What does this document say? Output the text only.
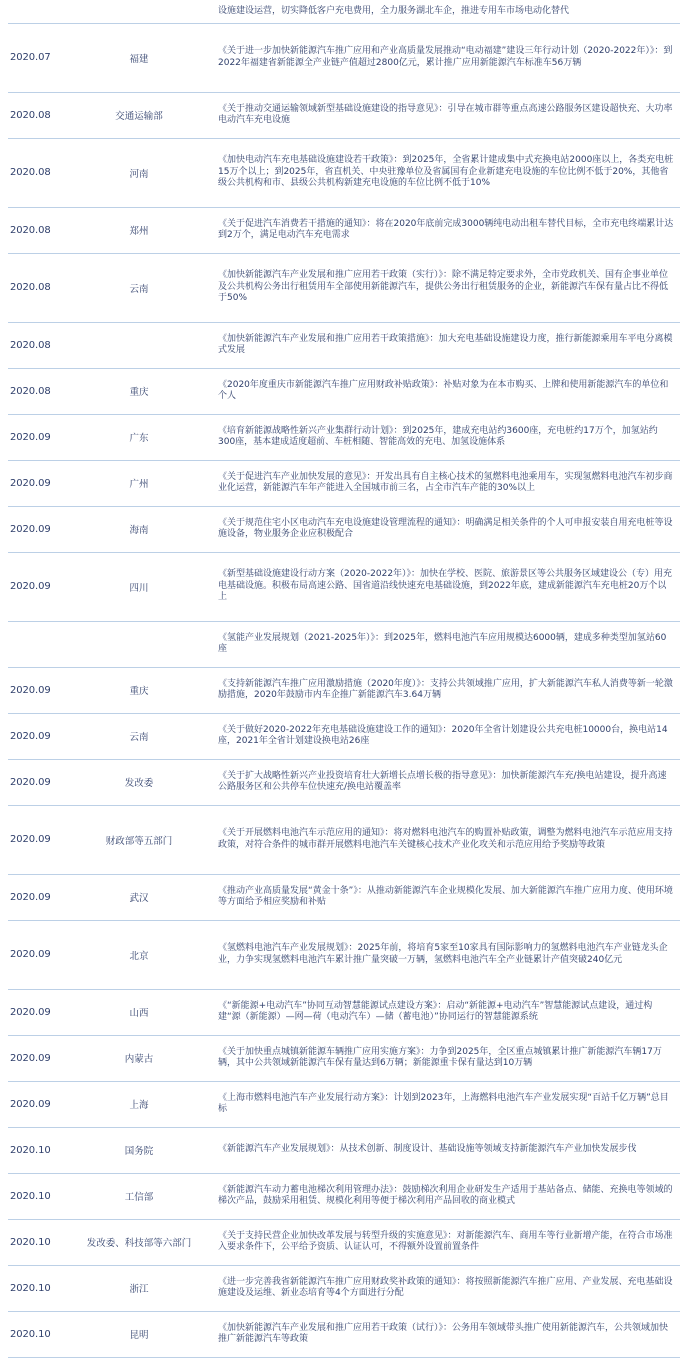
		设施建设运营，切实降低客户充电费用，全力服务湖北车企，推进专用车市场电动化替代
2020.07	福建	《关于进一步加快新能源汽车推广应用和产业高质量发展推动“电动福建”建设三年行动计划（2020-2022年）》：到2022年福建省新能源全产业链产值超过2800亿元，累计推广应用新能源汽车标准车56万辆
2020.08	交通运输部	《关于推动交通运输领域新型基础设施建设的指导意见》：引导在城市群等重点高速公路服务区建设超快充、大功率电动汽车充电设施
2020.08	河南	《加快电动汽车充电基础设施建设若干政策》：到2025年，全省累计建成集中式充换电站2000座以上，各类充电桩15万个以上；到2025年，省直机关、中央驻豫单位及省属国有企业新建充电设施的车位比例不低于20%，其他省级公共机构和市、县级公共机构新建充电设施的车位比例不低于10%
2020.08	郑州	《关于促进汽车消费若干措施的通知》：将在2020年底前完成3000辆纯电动出租车替代目标，全市充电终端累计达到2万个，满足电动汽车充电需求
2020.08	云南	《加快新能源汽车产业发展和推广应用若干政策（实行）》：除不满足特定要求外，全市党政机关、国有企事业单位及公共机构公务出行租赁用车全部使用新能源汽车，提供公务出行租赁服务的企业，新能源汽车保有量占比不得低于50%
2020.08		《加快新能源汽车产业发展和推广应用若干政策措施》：加大充电基础设施建设力度，推行新能源乘用车平电分离模式发展
2020.08	重庆	《2020年度重庆市新能源汽车推广应用财政补贴政策》：补贴对象为在本市购买、上牌和使用新能源汽车的单位和个人
2020.09	广东	《培育新能源战略性新兴产业集群行动计划》：到2025年，建成充电站约3600座，充电桩约17万个，加氢站约300座，基本建成适度超前、车桩相随、智能高效的充电、加氢设施体系
2020.09	广州	《关于促进汽车产业加快发展的意见》：开发出具有自主核心技术的氢燃料电池乘用车，实现氢燃料电池汽车初步商业化运营，新能源汽车年产能进入全国城市前三名，占全市汽车产能的30%以上
2020.09	海南	《关于规范住宅小区电动汽车充电设施建设管理流程的通知》：明确满足相关条件的个人可申报安装自用充电桩等设施设备，物业服务企业应积极配合
2020.09	四川	《新型基础设施建设行动方案（2020-2022年）》：加快在学校、医院、旅游景区等公共服务区域建设公（专）用充电基础设施。积极布局高速公路、国省道沿线快速充电基础设施，到2022年底，建成新能源汽车充电桩20万个以上
		《氢能产业发展规划（2021-2025年）》：到2025年，燃料电池汽车应用规模达6000辆，建成多种类型加氢站60座
2020.09	重庆	《支持新能源汽车推广应用激励措施（2020年度）》：支持公共领域推广应用，扩大新能源汽车私人消费等新一轮激励措施，2020年鼓励市内车企推广新能源汽车3.64万辆
2020.09	云南	《关于做好2020-2022年充电基础设施建设工作的通知》：2020年全省计划建设公共充电桩10000台，换电站14座，2021年全省计划建设换电站26座
2020.09	发改委	《关于扩大战略性新兴产业投资培育壮大新增长点增长极的指导意见》：加快新能源汽车充/换电站建设，提升高速公路服务区和公共停车位快速充/换电站覆盖率
2020.09	财政部等五部门	《关于开展燃料电池汽车示范应用的通知》：将对燃料电池汽车的购置补贴政策，调整为燃料电池汽车示范应用支持政策，对符合条件的城市群开展燃料电池汽车关键核心技术产业化攻关和示范应用给予奖励等政策
2020.09	武汉	《推动产业高质量发展“黄金十条”》：从推动新能源汽车企业规模化发展、加大新能源汽车推广应用力度、使用环境等方面给予相应奖励和补贴
2020.09	北京	《氢燃料电池汽车产业发展规划》：2025年前，将培育5家至10家具有国际影响力的氢燃料电池汽车产业链龙头企业，力争实现氢燃料电池汽车累计推广量突破一万辆，氢燃料电池汽车全产业链累计产值突破240亿元
2020.09	山西	《“新能源+电动汽车”协同互动智慧能源试点建设方案》：启动“新能源+电动汽车”智慧能源试点建设，通过构建“源（新能源）—网—荷（电动汽车）—储（蓄电池）”协同运行的智慧能源系统
2020.09	内蒙古	《关于加快重点城镇新能源车辆推广应用实施方案》：力争到2025年，全区重点城镇累计推广新能源汽车辆17万辆，其中公共领域新能源汽车保有量达到6万辆；新能源重卡保有量达到10万辆
2020.09	上海	《上海市燃料电池汽车产业发展行动方案》：计划到2023年，上海燃料电池汽车产业发展实现“百站千亿万辆”总目标
2020.10	国务院	《新能源汽车产业发展规划》：从技术创新、制度设计、基础设施等领域支持新能源汽车产业加快发展步伐
2020.10	工信部	《新能源汽车动力蓄电池梯次利用管理办法》：鼓励梯次利用企业研发生产适用于基站备点、储能、充换电等领域的梯次产品，鼓励采用租赁、规模化利用等便于梯次利用产品回收的商业模式
2020.10	发改委、科技部等六部门	《关于支持民营企业加快改革发展与转型升级的实施意见》：对新能源汽车、商用车等行业新增产能，在符合市场准入要求条件下，公平给予资质、认证认可，不得额外设置前置条件
2020.10	浙江	《进一步完善我省新能源汽车推广应用财政奖补政策的通知》：将按照新能源汽车推广应用、产业发展、充电基础设施建设及运维、新业态培育等4个方面进行分配
2020.10	昆明	《加快新能源汽车产业发展和推广应用若干政策（试行）》：公务用车领域带头推广使用新能源汽车，公共领域加快推广新能源汽车等政策
